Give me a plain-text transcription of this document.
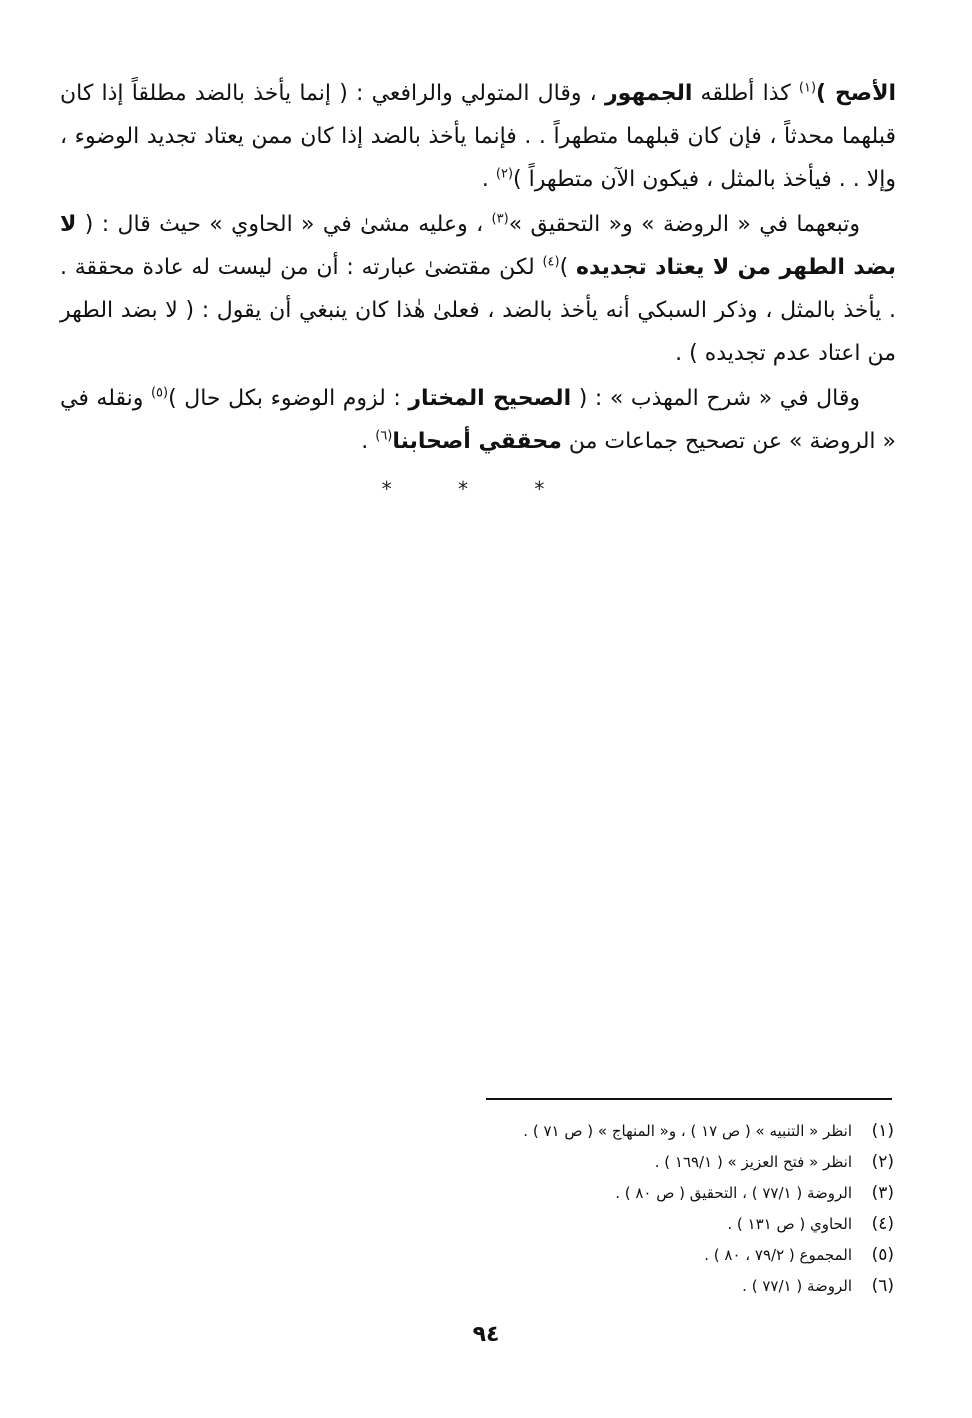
الأصح )$^{(١)}$ كذا أطلقه الجمهور ، وقال المتولي والرافعي : ( إنما يأخذ بالضد مطلقاً إذا كان قبلهما محدثاً ، فإن كان قبلهما متطهراً . . فإنما يأخذ بالضد إذا كان ممن يعتاد تجديد الوضوء ، وإلا . . فيأخذ بالمثل ، فيكون الآن متطهراً )$^{(٢)}$ .

وتبعهما في « الروضة » و« التحقيق »$^{(٣)}$ ، وعليه مشىٰ في « الحاوي » حيث قال : ( لا بضد الطهر من لا يعتاد تجديده )$^{(٤)}$ لكن مقتضىٰ عبارته : أن من ليست له عادة محققة . . يأخذ بالمثل ، وذكر السبكي أنه يأخذ بالضد ، فعلىٰ هٰذا كان ينبغي أن يقول : ( لا بضد الطهر من اعتاد عدم تجديده ) .

وقال في « شرح المهذب » : ( الصحيح المختار : لزوم الوضوء بكل حال )$^{(٥)}$ ونقله في « الروضة » عن تصحيح جماعات من محققي أصحابنا$^{(٦)}$ .

* * *
(١)
انظر « التنبيه » ( ص ١٧ ) ، و« المنهاج » ( ص ٧١ ) .
(٢)
انظر « فتح العزيز » ( ١٦٩/١ ) .
(٣)
الروضة ( ٧٧/١ ) ، التحقيق ( ص ٨٠ ) .
(٤)
الحاوي ( ص ١٣١ ) .
(٥)
المجموع ( ٧٩/٢ ، ٨٠ ) .
(٦)
الروضة ( ٧٧/١ ) .
٩٤
